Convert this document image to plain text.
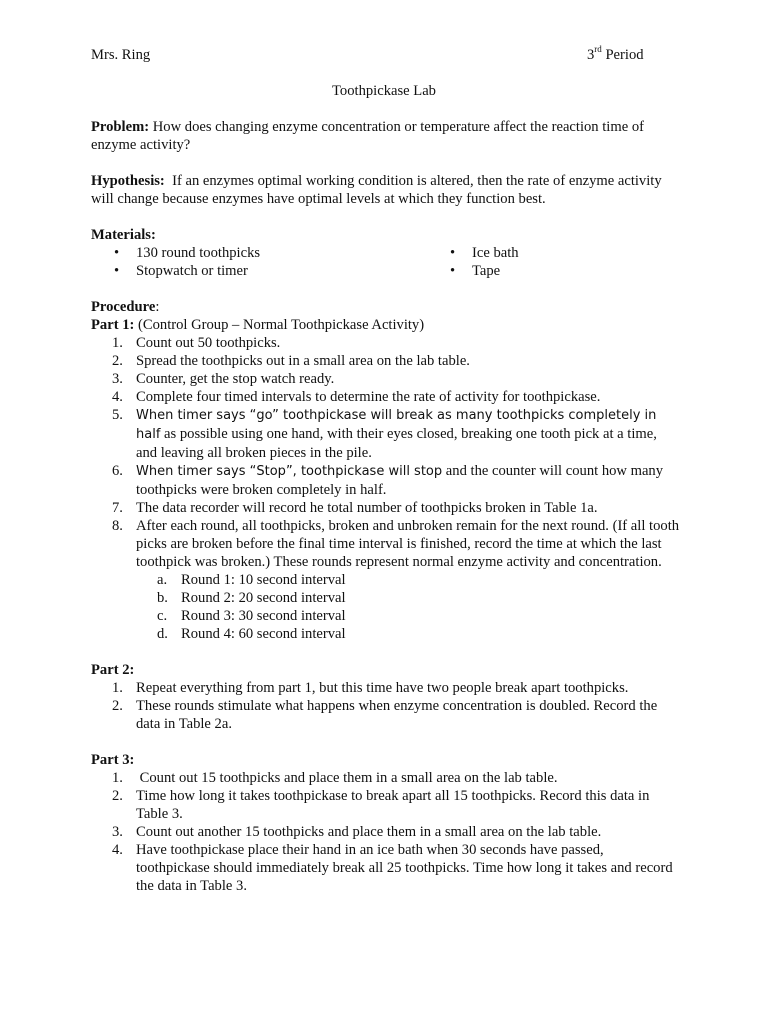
Mrs. Ring	3rd Period
Toothpickase Lab

Problem: How does changing enzyme concentration or temperature affect the reaction time of enzyme activity?

Hypothesis:  If an enzymes optimal working condition is altered, then the rate of enzyme activity will change because enzymes have optimal levels at which they function best.

Materials:

• 130 round toothpicks
• Stopwatch or timer
• Ice bath
• Tape

Procedure:

Part 1: (Control Group – Normal Toothpickase Activity)

1. Count out 50 toothpicks.
2. Spread the toothpicks out in a small area on the lab table.
3. Counter, get the stop watch ready.
4. Complete four timed intervals to determine the rate of activity for toothpickase.
5.	When timer says “go” toothpickase will break as many toothpicks completely in half as possible using one hand, with their eyes closed, breaking one tooth pick at a time, and leaving all broken pieces in the pile.
6.	When timer says “Stop”, toothpickase will stop and the counter will count how many toothpicks were broken completely in half.
7. The data recorder will record he total number of toothpicks broken in Table 1a.
8. After each round, all toothpicks, broken and unbroken remain for the next round. (If all tooth picks are broken before the final time interval is finished, record the time at which the last toothpick was broken.) These rounds represent normal enzyme activity and concentration.
a. Round 1: 10 second interval
b. Round 2: 20 second interval
c. Round 3: 30 second interval
d. Round 4: 60 second interval

Part 2:

1. Repeat everything from part 1, but this time have two people break apart toothpicks.
2. These rounds stimulate what happens when enzyme concentration is doubled. Record the data in Table 2a.

Part 3:

1. Count out 15 toothpicks and place them in a small area on the lab table.
2. Time how long it takes toothpickase to break apart all 15 toothpicks. Record this data in Table 3.
3. Count out another 15 toothpicks and place them in a small area on the lab table.
4. Have toothpickase place their hand in an ice bath when 30 seconds have passed, toothpickase should immediately break all 25 toothpicks. Time how long it takes and record the data in Table 3.
